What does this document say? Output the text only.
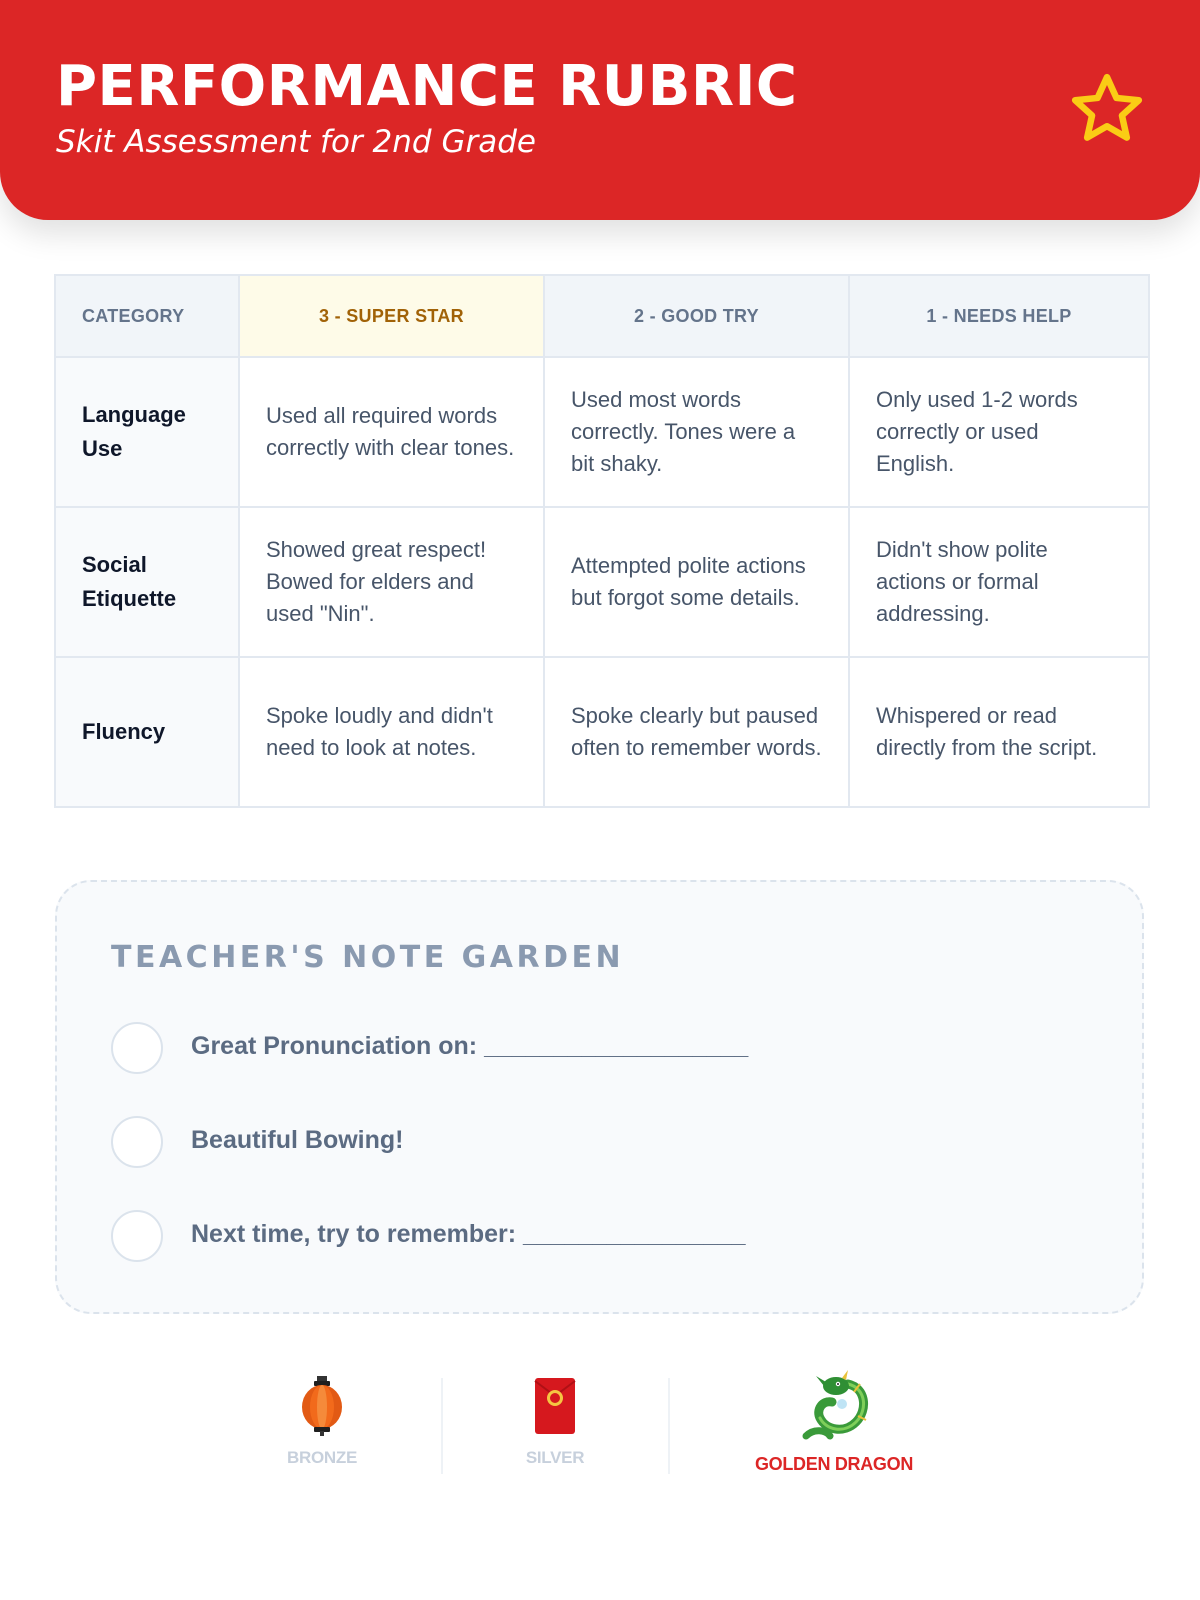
PERFORMANCE RUBRIC
Skit Assessment for 2nd Grade
CATEGORY	3 - SUPER STAR	2 - GOOD TRY	1 - NEEDS HELP
Language Use	Used all required words correctly with clear tones.	Used most words correctly. Tones were a bit shaky.	Only used 1-2 words correctly or used English.
Social Etiquette	Showed great respect! Bowed for elders and used "Nin".	Attempted polite actions but forgot some details.	Didn't show polite actions or formal addressing.
Fluency	Spoke loudly and didn't need to look at notes.	Spoke clearly but paused often to remember words.	Whispered or read directly from the script.
TEACHER'S NOTE GARDEN
Great Pronunciation on: ___________________
Beautiful Bowing!
Next time, try to remember: ________________
BRONZE	SILVER	GOLDEN DRAGON
